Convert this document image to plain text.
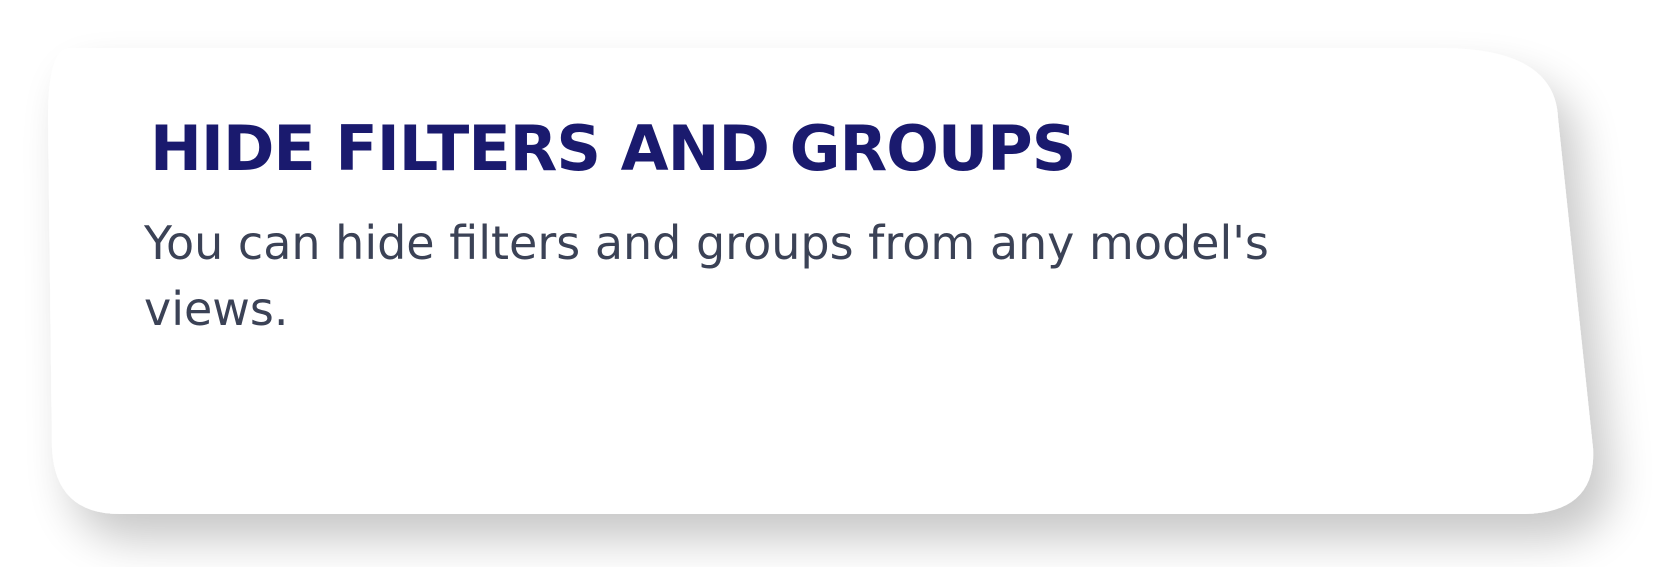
HIDE FILTERS AND GROUPS

You can hide filters and groups from any model's views.
